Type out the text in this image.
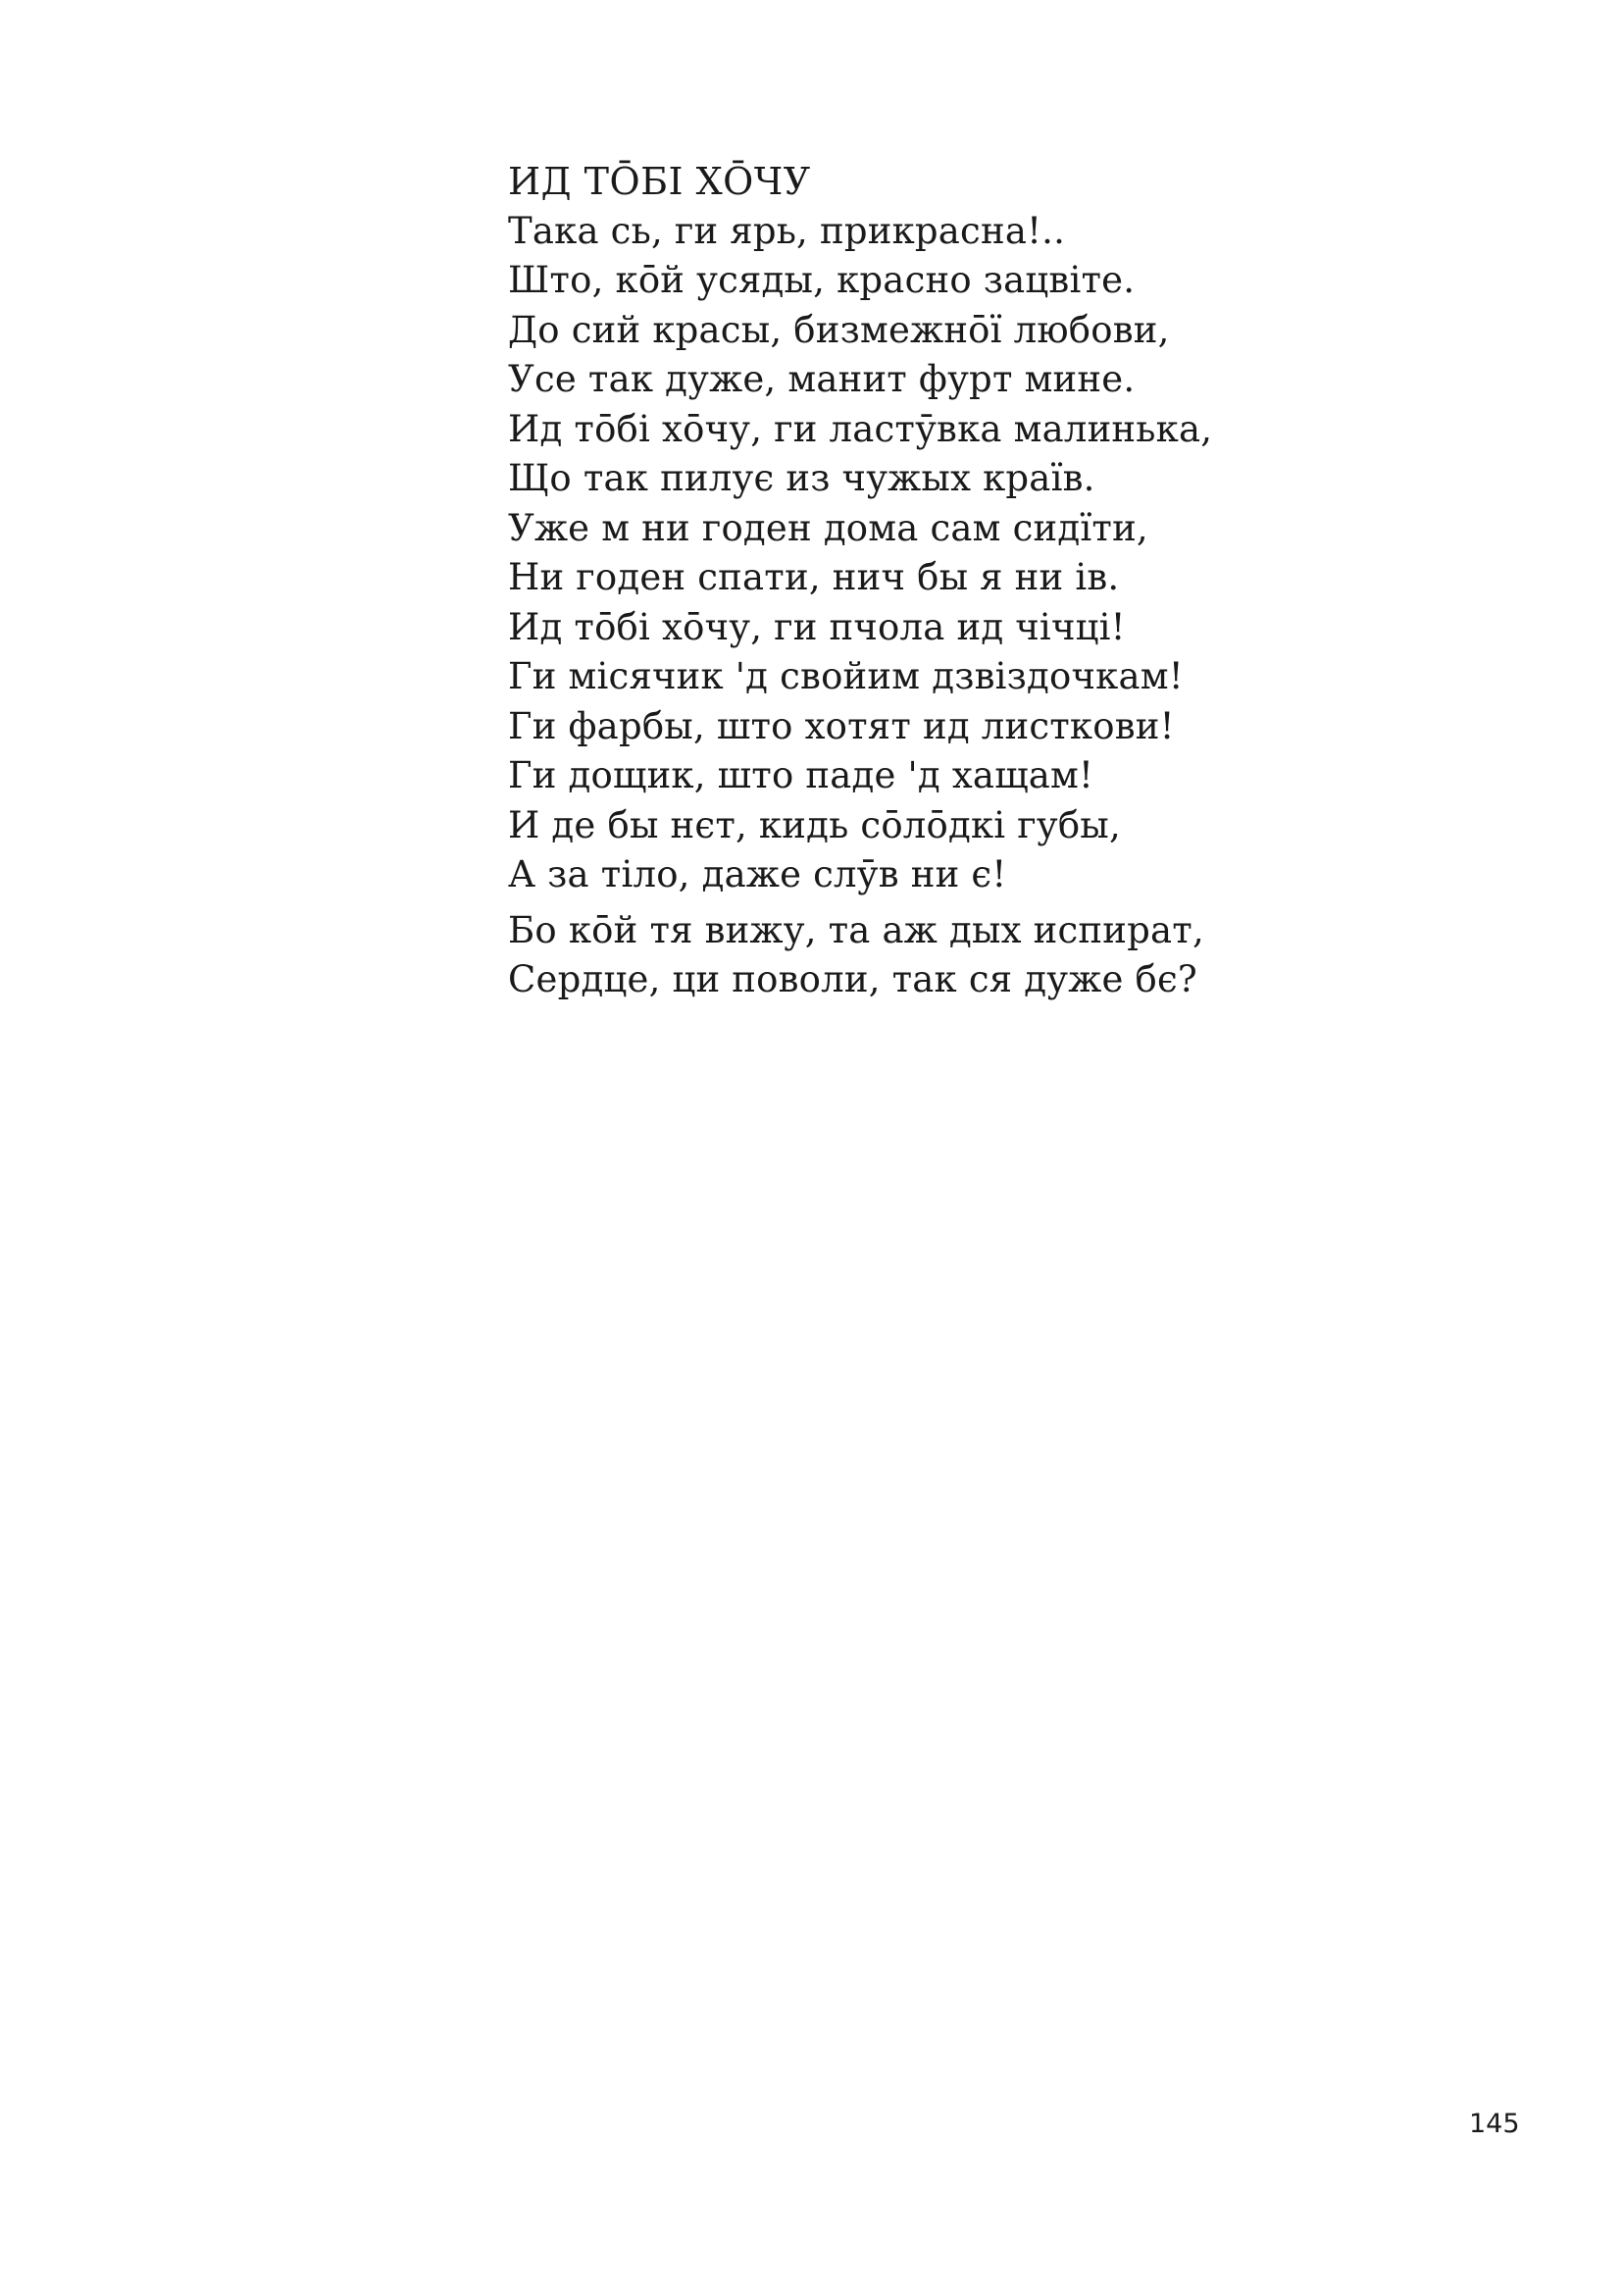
ИД ТŌБІ ХŌЧУ
Така сь, ги ярь, прикрасна!..
Што, кōй усяды, красно зацвіте.
До сий красы, бизмежнōї любови,
Усе так дуже, манит фурт мине.
Ид тōбі хōчу, ги ластӯвка малинька,
Що так пилує из чужых країв.
Уже м ни годен дома сам сидїти,
Ни годен спати, нич бы я ни ів.
Ид тōбі хōчу, ги пчола ид чічці!
Ги місячик 'д свойим дзвіздочкам!
Ги фарбы, што хотят ид листкови!
Ги дощик, што паде 'д хащам!
И де бы нєт, кидь сōлōдкі губы,
А за тіло, даже слӯв ни є!
Бо кōй тя вижу, та аж дых испират,
Сердце, ци поволи, так ся дуже бє?
145
